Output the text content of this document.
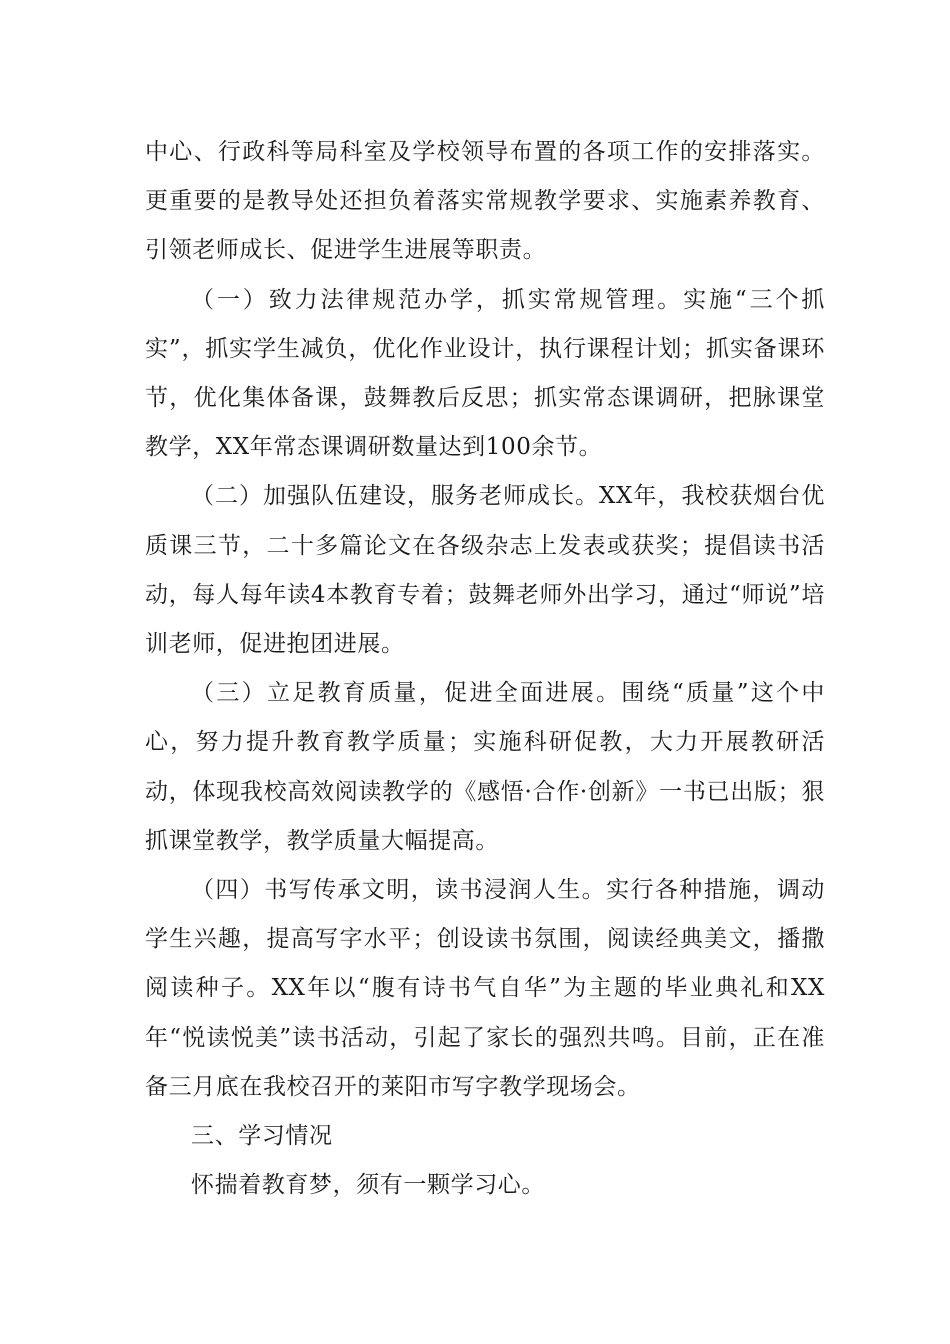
中心、行政科等局科室及学校领导布置的各项工作的安排落实。更重要的是教导处还担负着落实常规教学要求、实施素养教育、引领老师成长、促进学生进展等职责。

（一）致力法律规范办学，抓实常规管理。实施“三个抓实”，抓实学生减负，优化作业设计，执行课程计划；抓实备课环节，优化集体备课，鼓舞教后反思；抓实常态课调研，把脉课堂教学，XX年常态课调研数量达到100余节。

（二）加强队伍建设，服务老师成长。XX年，我校获烟台优质课三节，二十多篇论文在各级杂志上发表或获奖；提倡读书活动，每人每年读4本教育专着；鼓舞老师外出学习，通过“师说”培训老师，促进抱团进展。

（三）立足教育质量，促进全面进展。围绕“质量”这个中心，努力提升教育教学质量；实施科研促教，大力开展教研活动，体现我校高效阅读教学的《感悟·合作·创新》一书已出版；狠抓课堂教学，教学质量大幅提高。

（四）书写传承文明，读书浸润人生。实行各种措施，调动学生兴趣，提高写字水平；创设读书氛围，阅读经典美文，播撒阅读种子。XX年以“腹有诗书气自华”为主题的毕业典礼和XX年“悦读悦美”读书活动，引起了家长的强烈共鸣。目前，正在准备三月底在我校召开的莱阳市写字教学现场会。

三、学习情况

怀揣着教育梦，须有一颗学习心。
